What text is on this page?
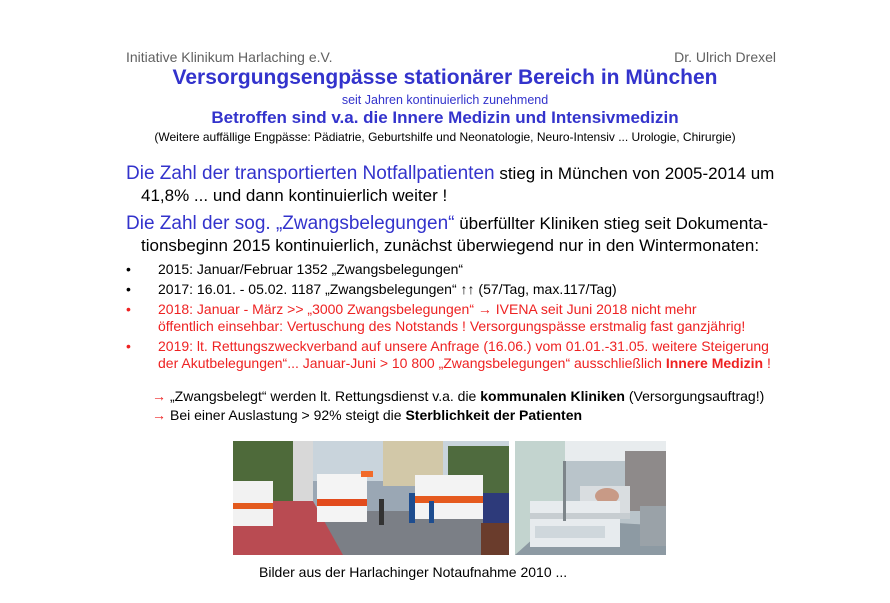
Initiative Klinikum Harlaching e.V.	Dr. Ulrich Drexel
Versorgungsengpässe stationärer Bereich in München
seit Jahren kontinuierlich zunehmend
Betroffen sind v.a. die Innere Medizin und Intensivmedizin
(Weitere auffällige Engpässe: Pädiatrie, Geburtshilfe und Neonatologie, Neuro-Intensiv ... Urologie, Chirurgie)
Die Zahl der transportierten Notfallpatienten stieg in München von 2005-2014 um
41,8% ... und dann kontinuierlich weiter !
Die Zahl der sog. „Zwangsbelegungen“ überfüllter Kliniken stieg seit Dokumenta-
tionsbeginn 2015 kontinuierlich, zunächst überwiegend nur in den Wintermonaten:
• 2015: Januar/Februar 1352 „Zwangsbelegungen“
• 2017: 16.01. - 05.02. 1187 „Zwangsbelegungen“ ↑↑ (57/Tag, max.117/Tag)
• 2018: Januar - März >> „3000 Zwangsbelegungen“ → IVENA seit Juni 2018 nicht mehr
öffentlich einsehbar: Vertuschung des Notstands ! Versorgungspässe erstmalig fast ganzjährig!
• 2019: lt. Rettungszweckverband auf unsere Anfrage (16.06.) vom 01.01.-31.05. weitere Steigerung
der Akutbelegungen“... Januar-Juni > 10 800 „Zwangsbelegungen“ ausschließlich Innere Medizin !
→ „Zwangsbelegt“ werden lt. Rettungsdienst v.a. die kommunalen Kliniken (Versorgungsauftrag!)
→ Bei einer Auslastung > 92% steigt die Sterblichkeit der Patienten
Bilder aus der Harlachinger Notaufnahme 2010 ...
